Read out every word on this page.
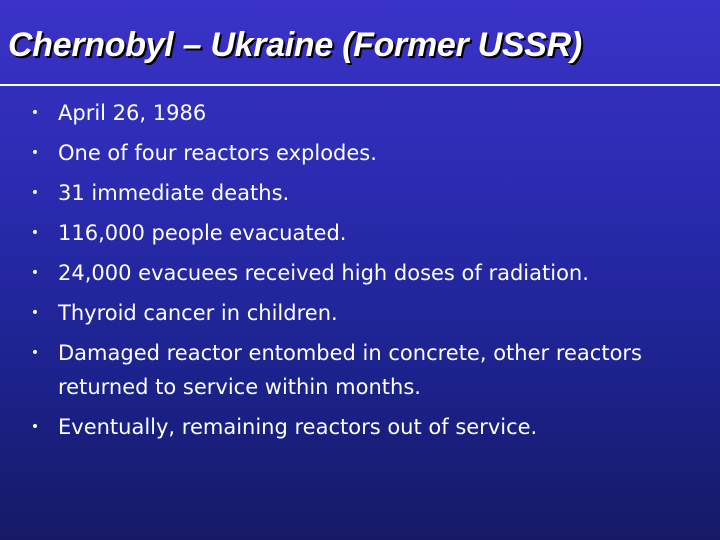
Chernobyl – Ukraine (Former USSR)
• April 26, 1986
• One of four reactors explodes.
• 31 immediate deaths.
• 116,000 people evacuated.
• 24,000 evacuees received high doses of radiation.
• Thyroid cancer in children.
• Damaged reactor entombed in concrete, other reactors returned to service within months.
• Eventually, remaining reactors out of service.
